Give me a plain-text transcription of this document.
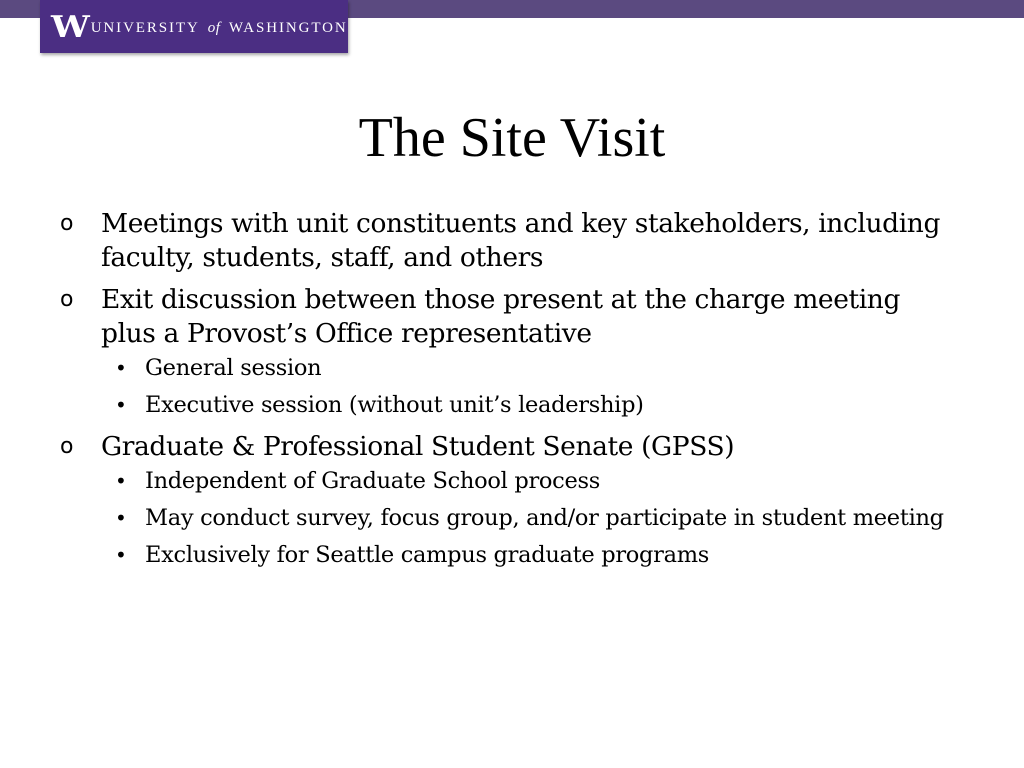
W UNIVERSITY of WASHINGTON
The Site Visit
o Meetings with unit constituents and key stakeholders, including faculty, students, staff, and others
o Exit discussion between those present at the charge meeting plus a Provost’s Office representative
• General session
• Executive session (without unit’s leadership)
o Graduate & Professional Student Senate (GPSS)
• Independent of Graduate School process
• May conduct survey, focus group, and/or participate in student meeting
• Exclusively for Seattle campus graduate programs
